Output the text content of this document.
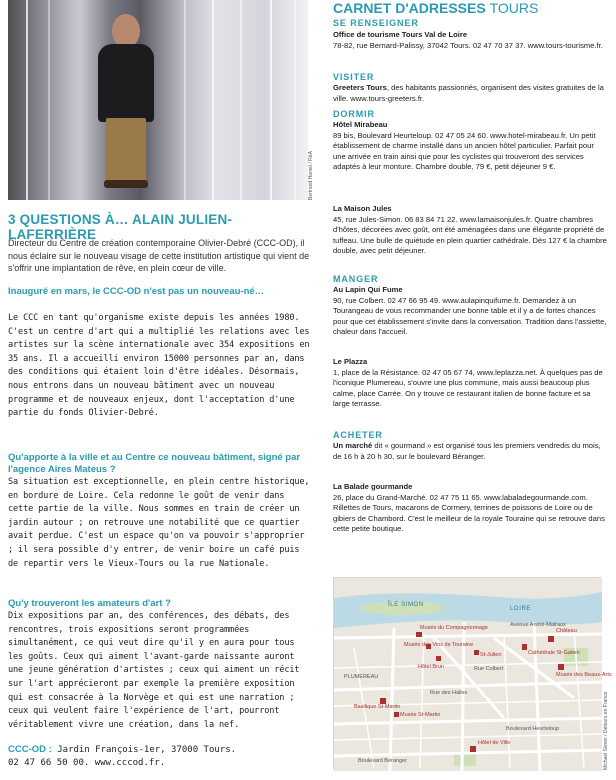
Bertrand Hamel / RèA
3 QUESTIONS À… ALAIN JULIEN-LAFERRIÈRE

Directeur du Centre de création contemporaine Olivier-Debré (CCC-OD), il nous éclaire sur le nouveau visage de cette institution artistique qui vient de s'offrir une implantation de rêve, en plein cœur de ville.

Inauguré en mars, le CCC-OD n'est pas un nouveau-né…

Le CCC en tant qu'organisme existe depuis les années 1980. C'est un centre d'art qui a multiplié les relations avec les artistes sur la scène internationale avec 354 expositions en 35 ans. Il a accueilli environ 15000 personnes par an, dans des conditions qui étaient loin d'être idéales. Désormais, nous entrons dans un nouveau bâtiment avec un nouveau programme et de nouveaux enjeux, dont l'acceptation d'une partie du fonds Olivier-Debré.

Qu'apporte à la ville et au Centre ce nouveau bâtiment, signé par l'agence Aires Mateus ?

Sa situation est exceptionnelle, en plein centre historique, en bordure de Loire. Cela redonne le goût de venir dans cette partie de la ville. Nous sommes en train de créer un jardin autour ; on retrouve une notabilité que ce quartier avait perdue. C'est un espace qu'on va pouvoir s'approprier ; il sera possible d'y entrer, de venir boire un café puis de repartir vers le Vieux-Tours ou la rue Nationale.

Qu'y trouveront les amateurs d'art ?

Dix expositions par an, des conférences, des débats, des rencontres, trois expositions seront programmées simultanément, ce qui veut dire qu'il y en aura pour tous les goûts. Ceux qui aiment l'avant-garde naissante auront une jeune génération d'artistes ; ceux qui aiment un récit sur l'art apprécieront par exemple la première exposition qui est consacrée à la Norvège et qui est une narration ; ceux qui veulent faire l'expérience de l'art, pourront véritablement vivre une création, dans la nef.

CCC-OD : Jardin François-1er, 37000 Tours.
02 47 66 50 00. www.cccod.fr.
CARNET D'ADRESSES TOURS
SE RENSEIGNER
Office de tourisme Tours Val de Loire
78-82, rue Bernard-Palissy, 37042 Tours. 02 47 70 37 37. www.tours-tourisme.fr.
VISITER
Greeters Tours, des habitants passionnés, organisent des visites gratuites de la ville. www.tours-greeters.fr.
DORMIR
Hôtel Mirabeau
89 bis, Boulevard Heurteloup. 02 47 05 24 60. www.hotel-mirabeau.fr. Un petit établissement de charme installé dans un ancien hôtel particulier. Parfait pour une arrivée en train ainsi que pour les cyclistes qui trouveront des services adaptés à leur monture. Chambre double, 79 €, petit déjeuner 9 €.
La Maison Jules
45, rue Jules-Simon. 06 83 84 71 22. www.lamaisonjules.fr. Quatre chambres d'hôtes, décorées avec goût, ont été aménagées dans une élégante propriété de tuffeau. Une bulle de quiétude en plein quartier cathédrale. Dès 127 € la chambre double, avec petit déjeuner.
MANGER
Au Lapin Qui Fume
90, rue Colbert. 02 47 66 95 49. www.aulapinquifume.fr. Demandez à un Tourangeau de vous recommander une bonne table et il y a de fortes chances pour que cet établissement s'invite dans la conversation. Tradition dans l'assiette, chaleur dans l'accueil.
Le Plazza
1, place de la Résistance. 02 47 05 67 74, www.leplazza.net. À quelques pas de l'iconique Plumereau, s'ouvre une plus commune, mais aussi beaucoup plus calme, place Carrée. On y trouve ce restaurant italien de bonne facture et sa large terrasse.
ACHETER
Un marché dit « gourmand » est organisé tous les premiers vendredis du mois, de 16 h à 20 h 30, sur le boulevard Béranger.
La Balade gourmande
26, place du Grand-Marché. 02 47 75 11 65. www.labaladegourmande.com. Rillettes de Tours, macarons de Cormery, terrines de poissons de Loire ou de gibiers de Chambord. C'est le meilleur de la royale Touraine qui se retrouve dans cette petite boutique.
ÎLE SIMON
LOIRE
Musée du Compagnonnage
Musée des Vins de Touraine
Hôtel Brun
St-Julien
Château
Cathédrale St-Gatien
Musée des Beaux-Arts
PLUMEREAU
Basilique St-Martin
Musée St-Martin
Hôtel de Ville
Rue des Halles
Boulevard Heurteloup
Boulevard Béranger
Rue Colbert
Avenue André-Malraux
Michael Siever / Détours en France
